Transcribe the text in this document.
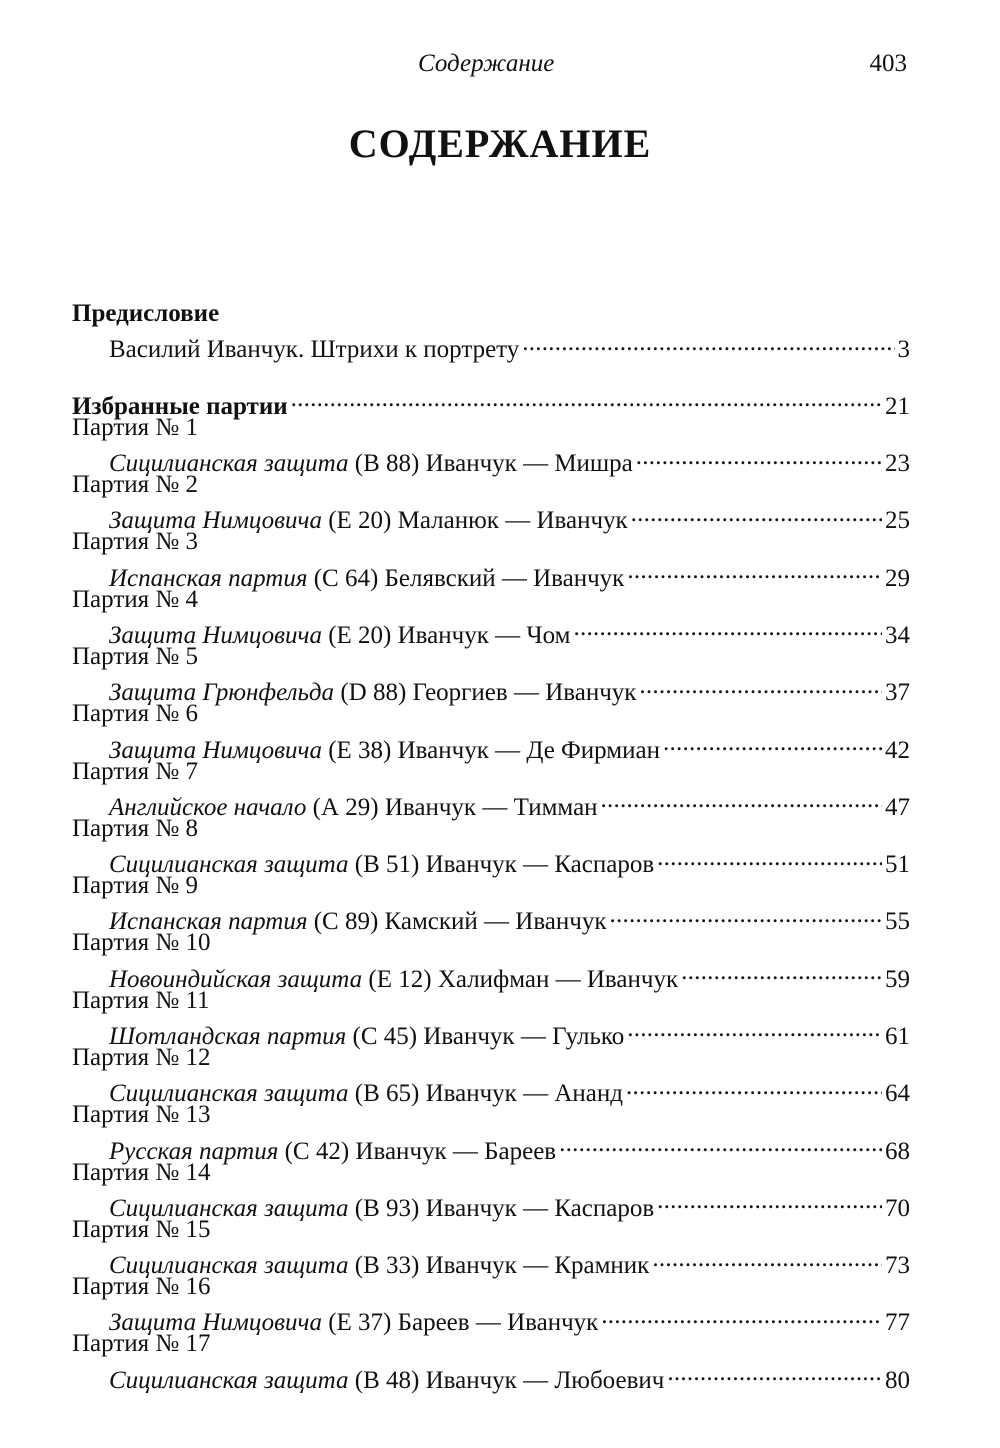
Содержание	403
СОДЕРЖАНИЕ
Предисловие
Василий Иванчук. Штрихи к портрету . . .	3
Избранные партии . . .	21
Партия № 1
Сицилианская защита (В 88) Иванчук — Мишра . . .	23
Партия № 2
Защита Нимцовича (Е 20) Маланюк — Иванчук . . .	25
Партия № 3
Испанская партия (С 64) Белявский — Иванчук . . .	29
Партия № 4
Защита Нимцовича (Е 20) Иванчук — Чом . . .	34
Партия № 5
Защита Грюнфельда (D 88) Георгиев — Иванчук . . .	37
Партия № 6
Защита Нимцовича (Е 38) Иванчук — Де Фирмиан . . .	42
Партия № 7
Английское начало (А 29) Иванчук — Тимман . . .	47
Партия № 8
Сицилианская защита (В 51) Иванчук — Каспаров . . .	51
Партия № 9
Испанская партия (С 89) Камский — Иванчук . . .	55
Партия № 10
Новоиндийская защита (Е 12) Халифман — Иванчук . . .	59
Партия № 11
Шотландская партия (С 45) Иванчук — Гулько . . .	61
Партия № 12
Сицилианская защита (В 65) Иванчук — Ананд . . .	64
Партия № 13
Русская партия (С 42) Иванчук — Бареев . . .	68
Партия № 14
Сицилианская защита (В 93) Иванчук — Каспаров . . .	70
Партия № 15
Сицилианская защита (В 33) Иванчук — Крамник . . .	73
Партия № 16
Защита Нимцовича (Е 37) Бареев — Иванчук . . .	77
Партия № 17
Сицилианская защита (В 48) Иванчук — Любоевич . . .	80
